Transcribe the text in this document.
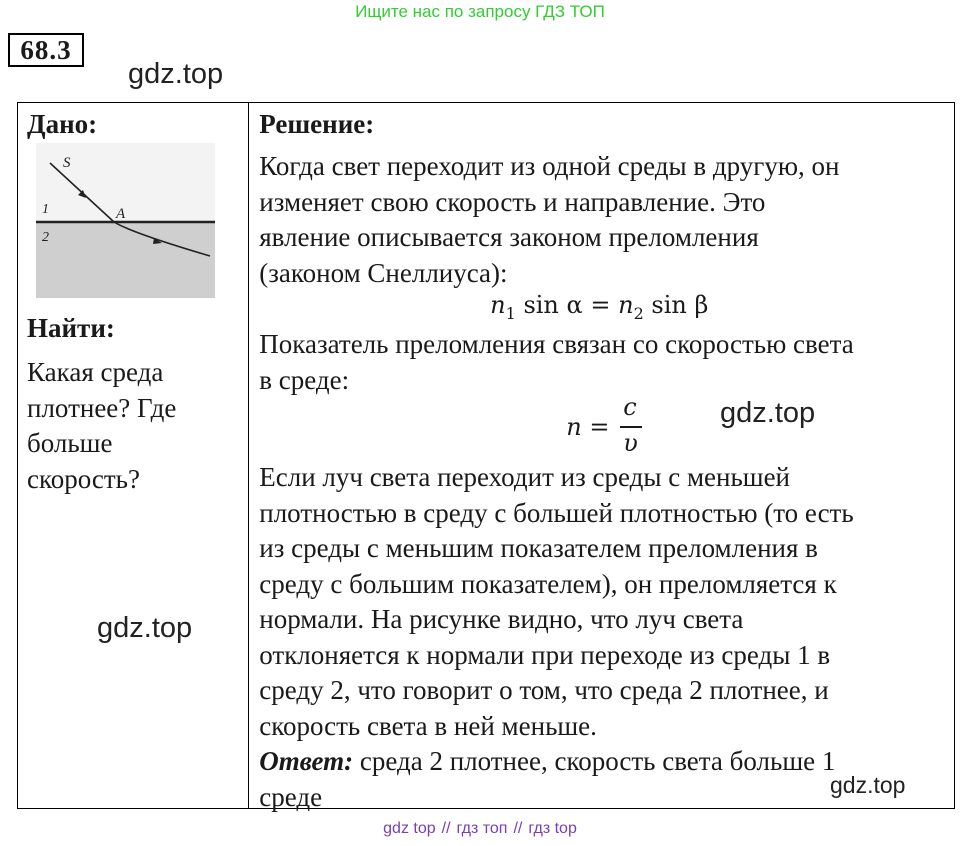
Ищите нас по запросу ГДЗ ТОП
68.3
gdz.top
Дано:
S
A
1
2
Найти:
Какая среда
плотнее? Где
больше
скорость?

Решение:
Когда свет переходит из одной среды в другую, он
изменяет свою скорость и направление. Это
явление описывается законом преломления
(законом Снеллиуса):
$n_1$ $\sin \alpha = n_2$ sin β
Показатель преломления связан со скоростью света
в среде:
n =
c
υ
Если луч света переходит из среды с меньшей
плотностью в среду с большей плотностью (то есть
из среды с меньшим показателем преломления в
среду с большим показателем), он преломляется к
нормали. На рисунке видно, что луч света
отклоняется к нормали при переходе из среды 1 в
среду 2, что говорит о том, что среда 2 плотнее, и
скорость света в ней меньше.
Ответ: среда 2 плотнее, скорость света больше 1
среде
gdz.top
gdz.top
gdz.top
gdz top // гдз топ // гдз top
